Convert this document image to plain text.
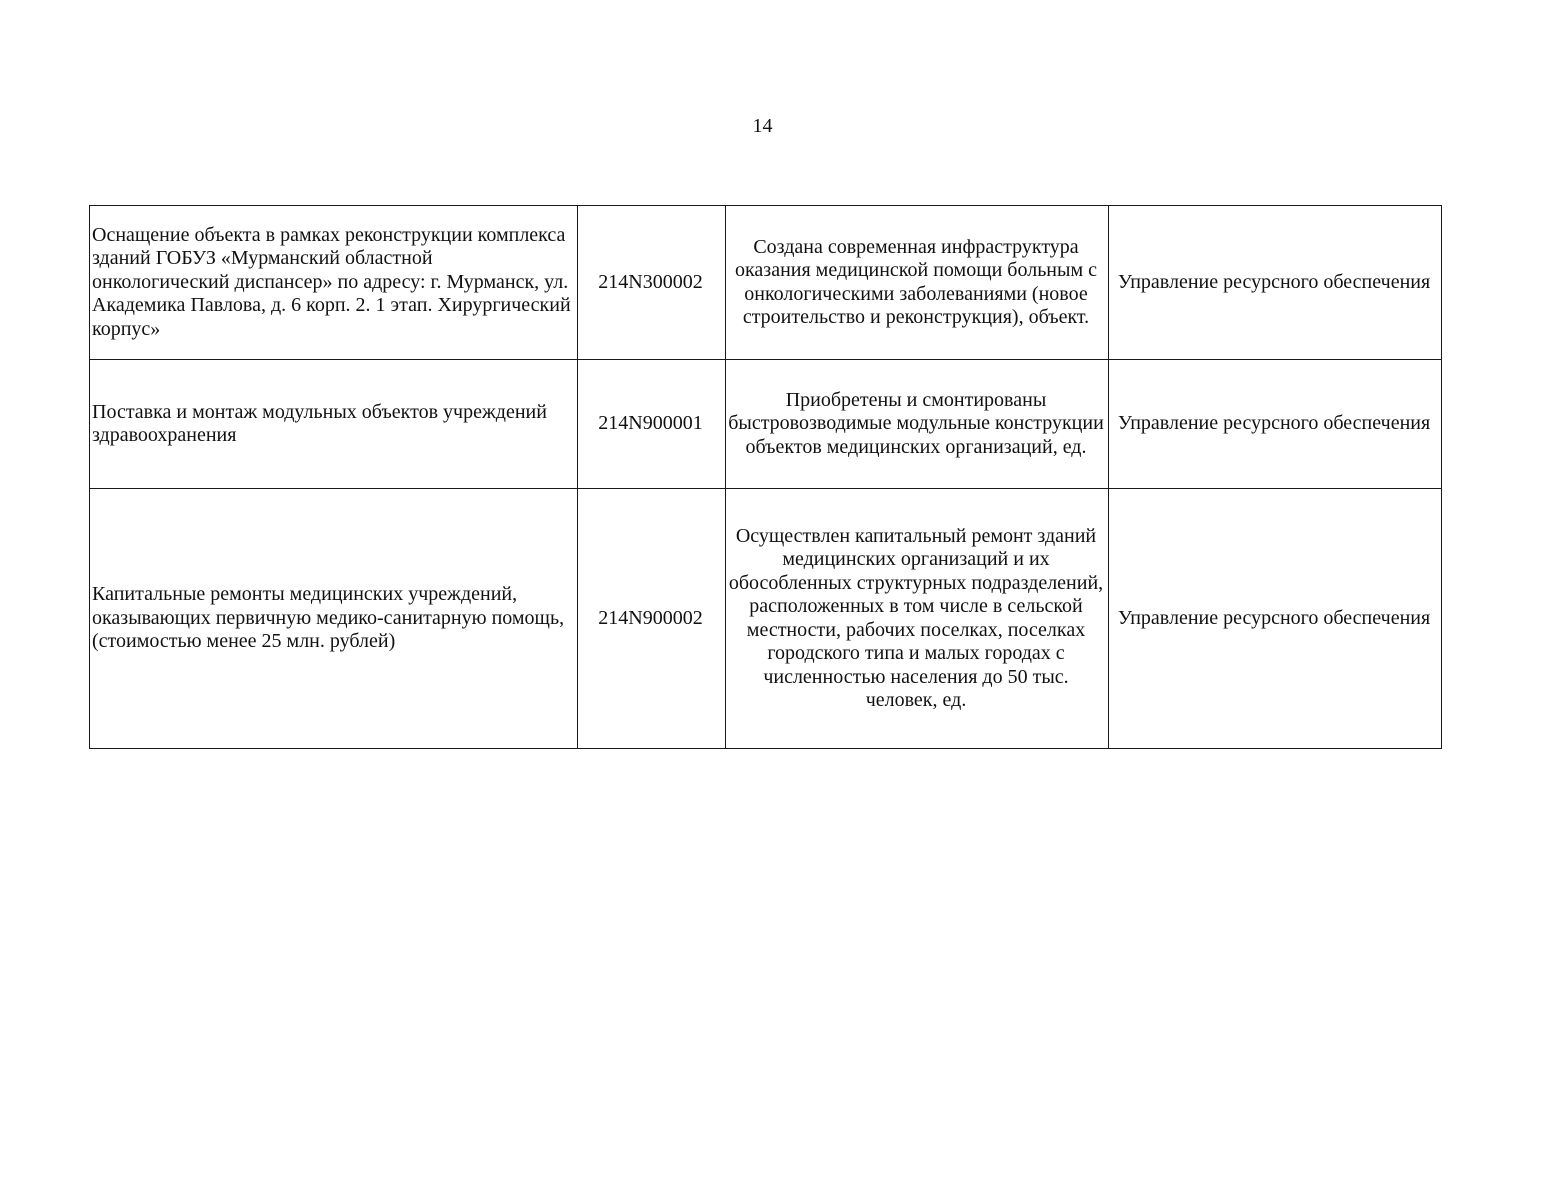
14
Оснащение объекта в рамках реконструкции комплекса зданий ГОБУЗ «Мурманский областной онкологический диспансер» по адресу: г. Мурманск, ул. Академика Павлова, д. 6 корп. 2. 1 этап. Хирургический корпус»	214N300002	Создана современная инфраструктура оказания медицинской помощи больным с онкологическими заболеваниями (новое строительство и реконструкция), объект.	Управление ресурсного обеспечения
Поставка и монтаж модульных объектов учреждений здравоохранения	214N900001	Приобретены и смонтированы быстровозводимые модульные конструкции объектов медицинских организаций, ед.	Управление ресурсного обеспечения
Капитальные ремонты медицинских учреждений, оказывающих первичную медико-санитарную помощь, (стоимостью менее 25 млн. рублей)	214N900002	Осуществлен капитальный ремонт зданий медицинских организаций и их обособленных структурных подразделений, расположенных в том числе в сельской местности, рабочих поселках, поселках городского типа и малых городах с численностью населения до 50 тыс. человек, ед.	Управление ресурсного обеспечения
